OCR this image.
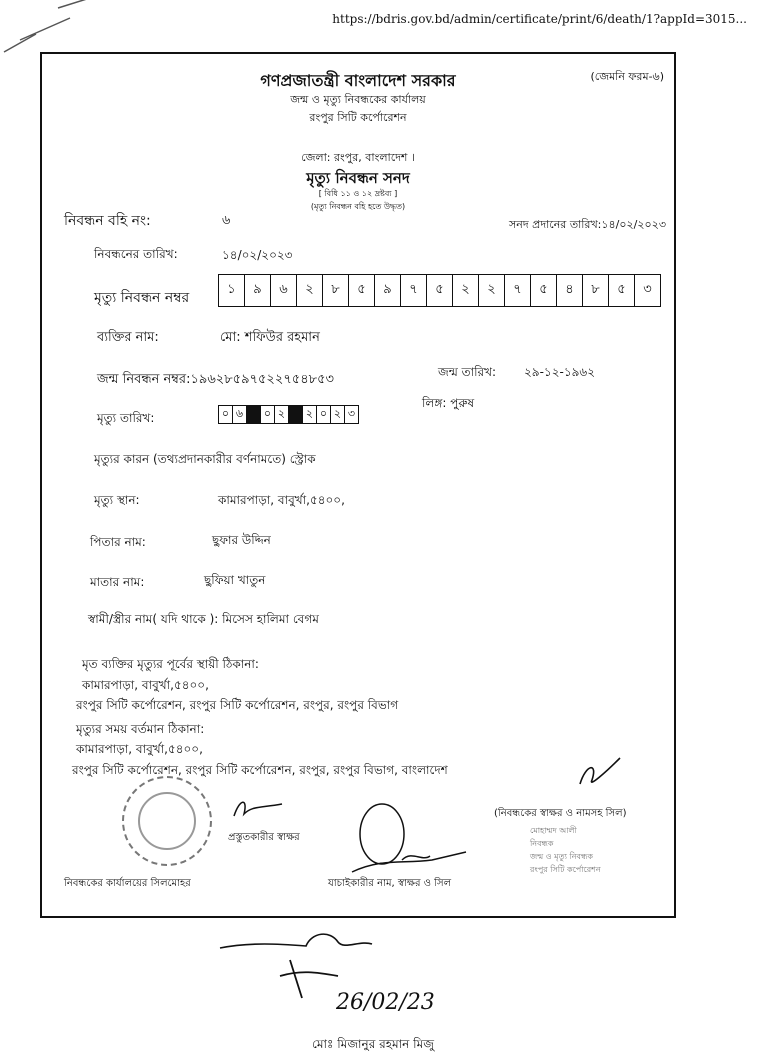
https://bdris.gov.bd/admin/certificate/print/6/death/1?appId=3015...
গণপ্রজাতন্ত্রী বাংলাদেশ সরকার	(জেমনি ফরম-৬)
জন্ম ও মৃত্যু নিবন্ধকের কার্যালয়
রংপুর সিটি কর্পোরেশন
জেলা: রংপুর, বাংলাদেশ ।
মৃত্যু নিবন্ধন সনদ
[ বিধি ১১ ও ১২ দ্রষ্টব্য ]
(মৃত্যু নিবন্ধন বহি হতে উদ্ধৃত)
নিবন্ধন বহি নং:	৬	সনদ প্রদানের তারিখ:১৪/০২/২০২৩
নিবন্ধনের তারিখ:	১৪/০২/২০২৩
মৃত্যু নিবন্ধন নম্বর
১	৯	৬	২	৮	৫	৯	৭	৫	২	২	৭	৫	৪	৮	৫	৩
ব্যক্তির নাম:	মো: শফিউর রহমান
জন্ম নিবন্ধন নম্বর:১৯৬২৮৫৯৭৫২২৭৫৪৮৫৩	জন্ম তারিখ: ২৯-১২-১৯৬২
লিঙ্গ: পুরুষ
মৃত্যু তারিখ:	০ ৬	০ ২	২ ০ ২ ৩
মৃত্যুর কারন (তথ্যপ্রদানকারীর বর্ণনামতে) স্ট্রোক
মৃত্যু স্থান:	কামারপাড়া, বাবুর্খা,৫৪০০,
পিতার নাম:	ছুফার উদ্দিন
মাতার নাম:	ছুফিয়া খাতুন
স্বামী/স্ত্রীর নাম( যদি থাকে ): মিসেস হালিমা বেগম
মৃত ব্যক্তির মৃত্যুর পূর্বের স্থায়ী ঠিকানা:
কামারপাড়া, বাবুর্খা,৫৪০০,
রংপুর সিটি কর্পোরেশন, রংপুর সিটি কর্পোরেশন, রংপুর, রংপুর বিভাগ
মৃত্যুর সময় বর্তমান ঠিকানা:
কামারপাড়া, বাবুর্খা,৫৪০০,
রংপুর সিটি কর্পোরেশন, রংপুর সিটি কর্পোরেশন, রংপুর, রংপুর বিভাগ, বাংলাদেশ
(নিবন্ধকের স্বাক্ষর ও নামসহ সিল)
মোহাম্মদ আলী
নিবন্ধক
জন্ম ও মৃত্যু নিবন্ধক
রংপুর সিটি কর্পোরেশন
প্রস্তুতকারীর স্বাক্ষর
নিবন্ধকের কার্যালয়ের সিলমোহর	যাচাইকারীর নাম, স্বাক্ষর ও সিল
26/02/23
মোঃ মিজানুর রহমান মিজু
